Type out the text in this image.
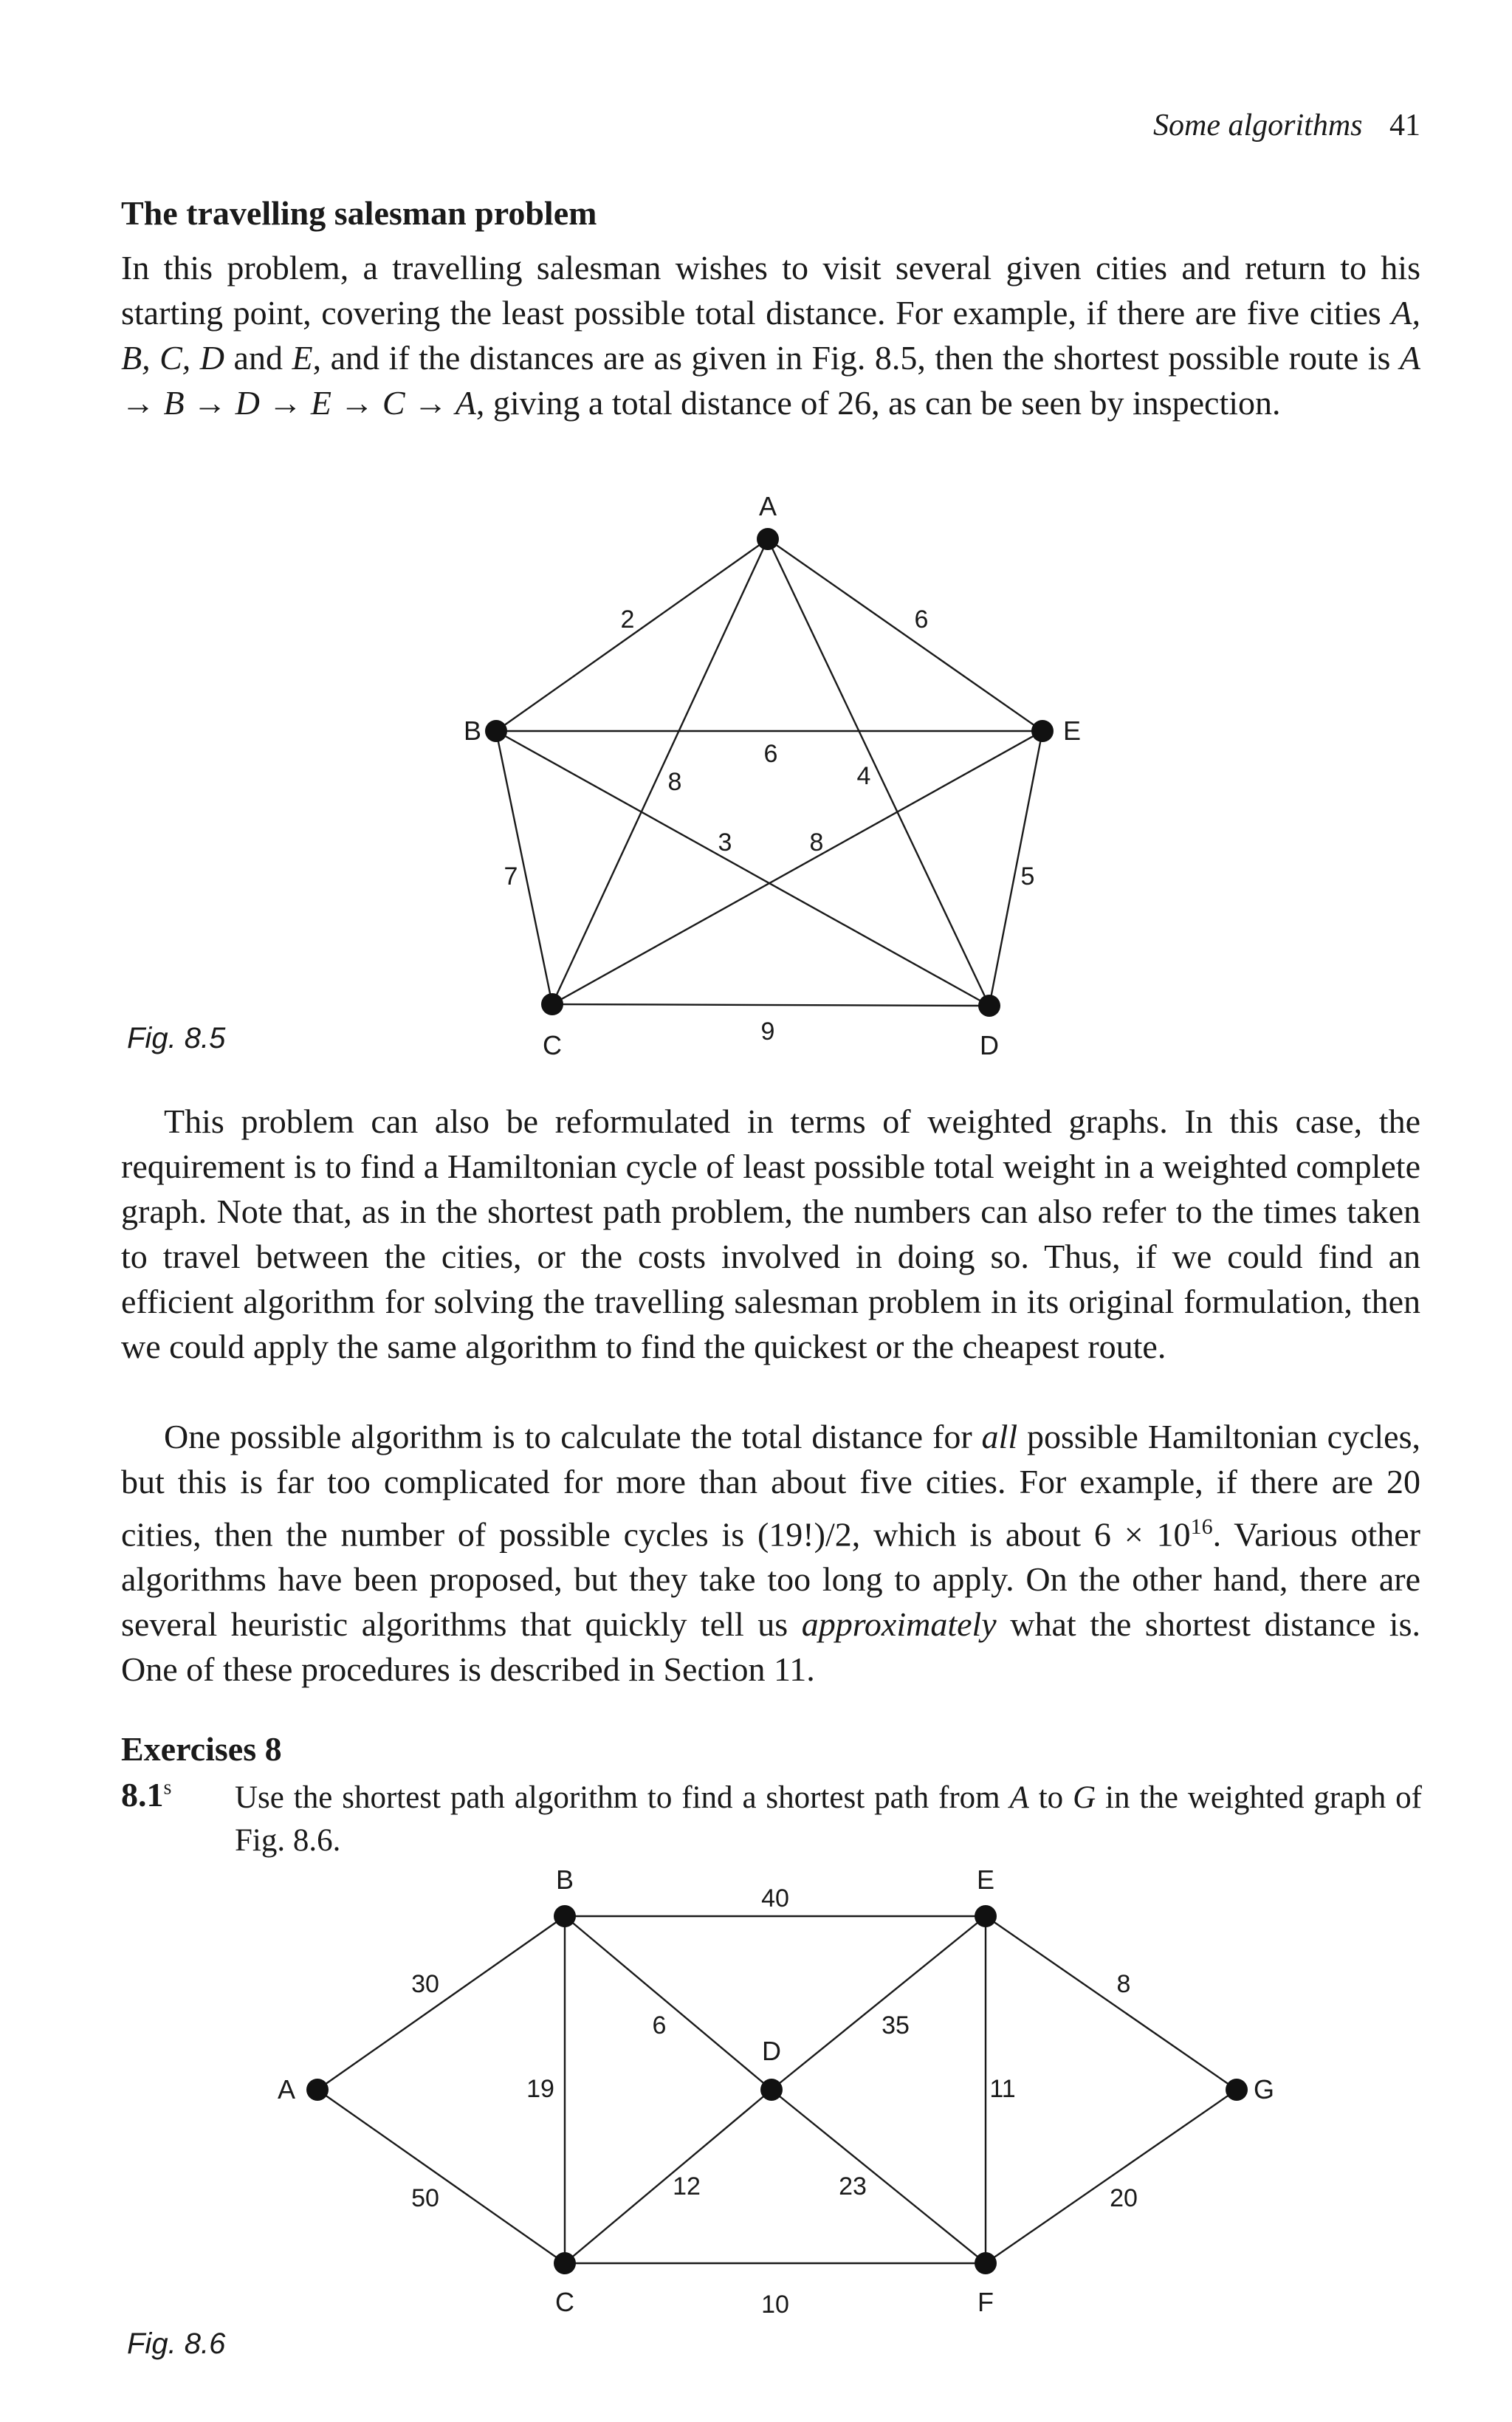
Some algorithms 41
The travelling salesman problem

In this problem, a travelling salesman wishes to visit several given cities and return to his starting point, covering the least possible total distance. For example, if there are five cities A, B, C, D and E, and if the distances are as given in Fig. 8.5, then the shortest possible route is A → B → D → E → C → A, giving a total distance of 26, as can be seen by inspection.

A
B
C	D
E
2	6
6
8	4
3	8
7	5
9
Fig. 8.5

This problem can also be reformulated in terms of weighted graphs. In this case, the requirement is to find a Hamiltonian cycle of least possible total weight in a weighted complete graph. Note that, as in the shortest path problem, the numbers can also refer to the times taken to travel between the cities, or the costs involved in doing so. Thus, if we could find an efficient algorithm for solving the travelling salesman problem in its original formulation, then we could apply the same algorithm to find the quickest or the cheapest route.

One possible algorithm is to calculate the total distance for all possible Hamiltonian cycles, but this is far too complicated for more than about five cities. For example, if there are 20 cities, then the number of possible cycles is (19!)/2, which is about $6 \times 10^{16}$. Various other algorithms have been proposed, but they take too long to apply. On the other hand, there are several heuristic algorithms that quickly tell us approximately what the shortest distance is. One of these procedures is described in Section 11.

Exercises 8
8.1$^s$ Use the shortest path algorithm to find a shortest path from A to G in the weighted graph of Fig. 8.6.

A
B
C
D
E
F
G
30
50
40
19
6
12
10
35
23
11
8
20
Fig. 8.6
